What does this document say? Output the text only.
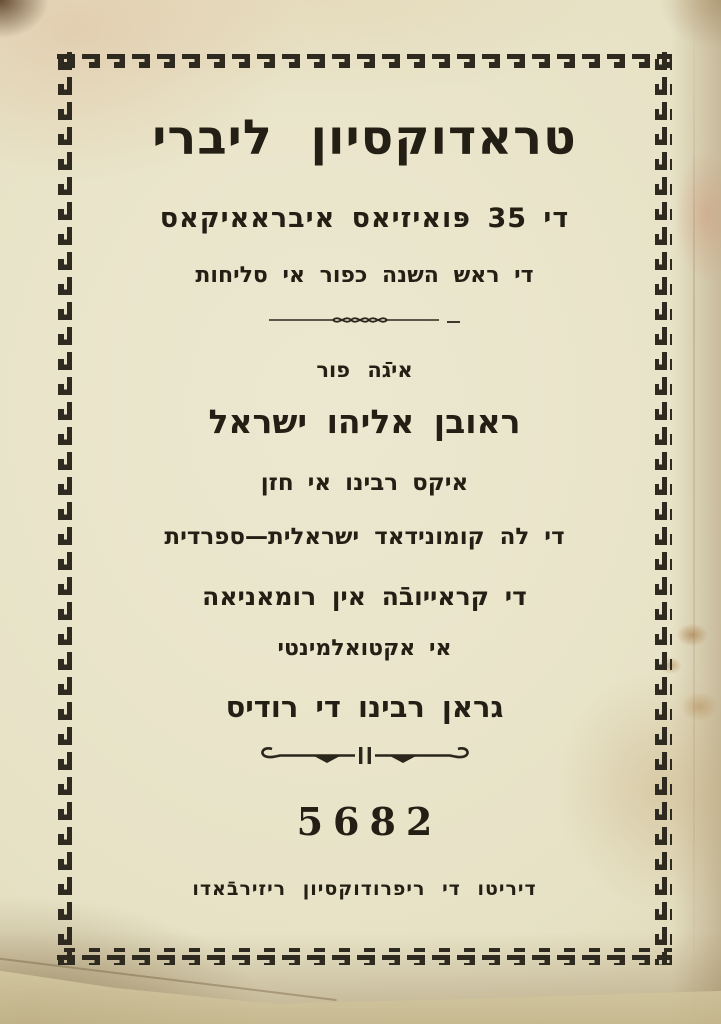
טראדוקסיון ליברי
די 35 פּואיזיאס איבראאיקאס
די ראש השנה כפור אי סליחות
איגֿה פור
ראובן אליהו ישראל
איקס רבינו אי חזן
די לה קומונידאד ישראלית—ספרדית
די קראייובֿה אין רומאניאה
אי אקטואלמינטי
גראן רבינו די רודיס
5682
דיריטו די ריפרודוקסיון ריזירבֿאדו
